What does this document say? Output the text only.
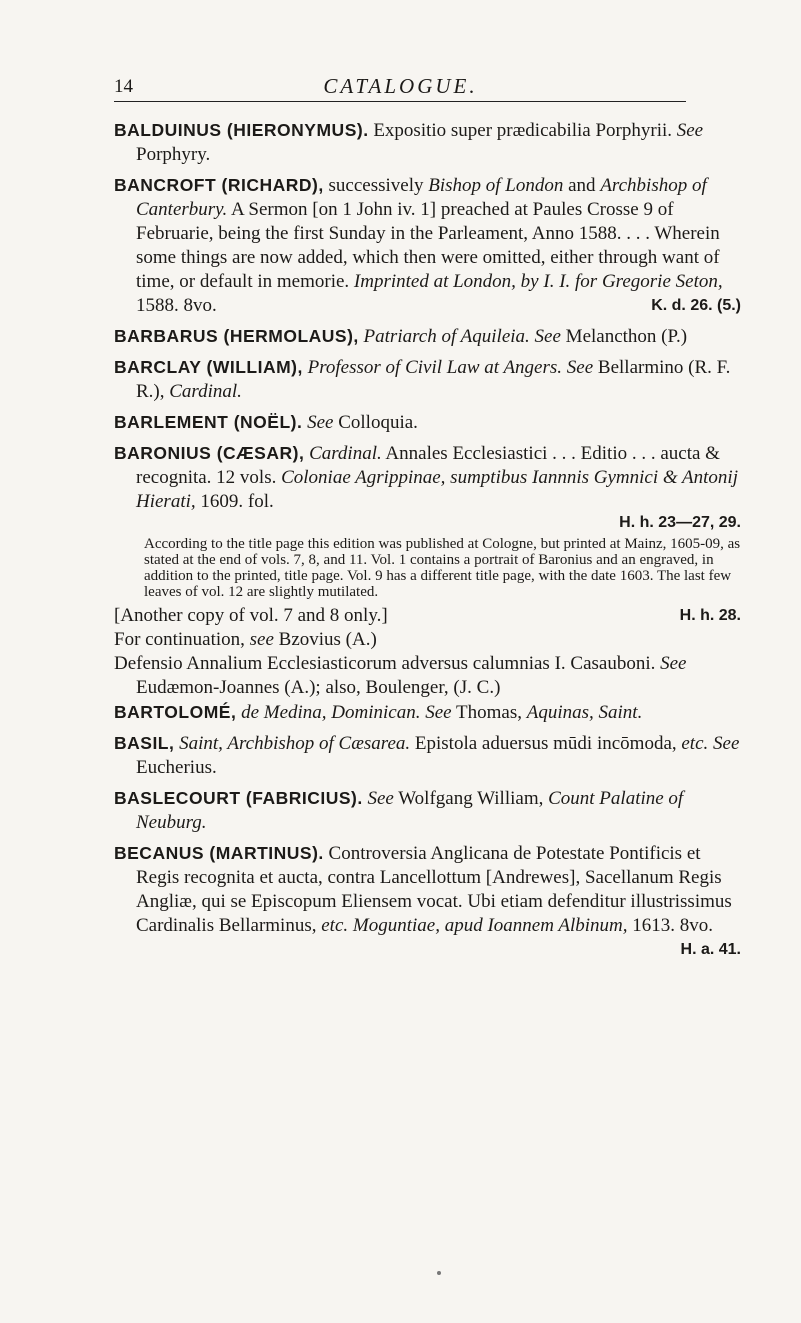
14	CATALOGUE.

BALDUINUS (HIERONYMUS). Expositio super prædicabilia Porphyrii. See Porphyry.

BANCROFT (RICHARD), successively Bishop of London and Archbishop of Canterbury. A Sermon [on 1 John iv. 1] preached at Paules Crosse 9 of Februarie, being the first Sunday in the Parleament, Anno 1588. . . . Wherein some things are now added, which then were omitted, either through want of time, or default in memorie. Imprinted at London, by I. I. for Gregorie Seton, 1588. 8vo.	K. d. 26. (5.)

BARBARUS (HERMOLAUS), Patriarch of Aquileia. See Melancthon (P.)

BARCLAY (WILLIAM), Professor of Civil Law at Angers. See Bellarmino (R. F. R.), Cardinal.

BARLEMENT (NOËL). See Colloquia.

BARONIUS (CÆSAR), Cardinal. Annales Ecclesiastici . . . Editio . . . aucta & recognita. 12 vols. Coloniae Agrippinae, sumptibus Iannnis Gymnici & Antonij Hierati, 1609. fol.

H. h. 23—27, 29.

According to the title page this edition was published at Cologne, but printed at Mainz, 1605-09, as stated at the end of vols. 7, 8, and 11. Vol. 1 contains a portrait of Baronius and an engraved, in addition to the printed, title page. Vol. 9 has a different title page, with the date 1603. The last few leaves of vol. 12 are slightly mutilated.

[Another copy of vol. 7 and 8 only.]	H. h. 28.

For continuation, see Bzovius (A.)

Defensio Annalium Ecclesiasticorum adversus calumnias I. Casauboni. See Eudæmon-Joannes (A.); also, Boulenger, (J. C.)

BARTOLOMÉ, de Medina, Dominican. See Thomas, Aquinas, Saint.

BASIL, Saint, Archbishop of Cæsarea. Epistola aduersus mūdi incōmoda, etc. See Eucherius.

BASLECOURT (FABRICIUS). See Wolfgang William, Count Palatine of Neuburg.

BECANUS (MARTINUS). Controversia Anglicana de Potestate Pontificis et Regis recognita et aucta, contra Lancellottum [Andrewes], Sacellanum Regis Angliæ, qui se Episcopum Eliensem vocat. Ubi etiam defenditur illustrissimus Cardinalis Bellarminus, etc. Moguntiae, apud Ioannem Albinum, 1613. 8vo.
H. a. 41.
